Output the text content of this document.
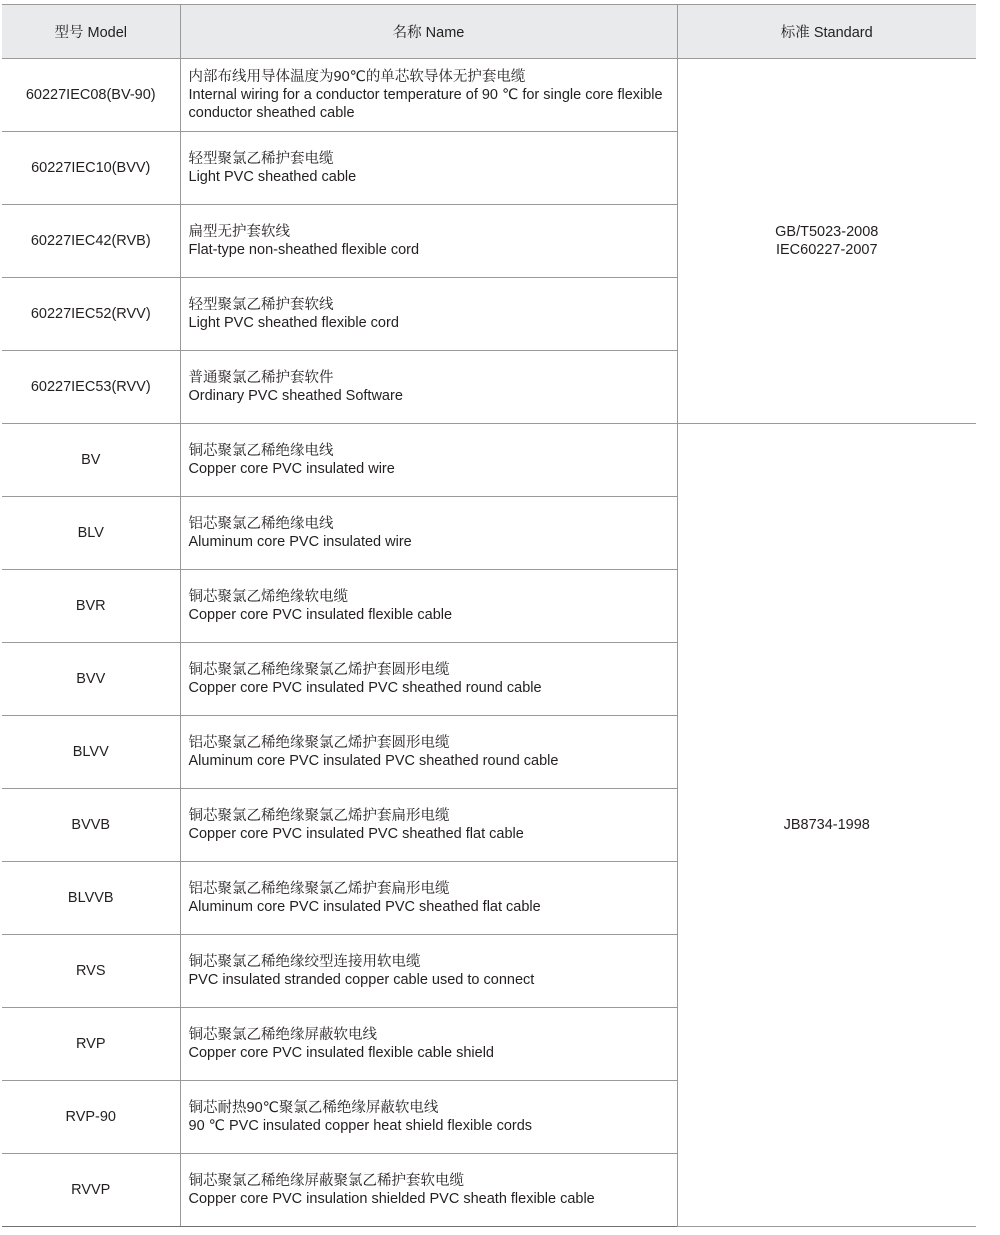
型号 Model	名称 Name	标准 Standard
60227IEC08(BV-90)	内部布线用导体温度为90℃的单芯软导体无护套电缆
Internal wiring for a conductor temperature of 90 ℃ for single core flexible conductor sheathed cable	GB/T5023-2008
IEC60227-2007

60227IEC10(BVV)	轻型聚氯乙稀护套电缆
Light PVC sheathed cable	

60227IEC42(RVB)	扁型无护套软线
Flat-type non-sheathed flexible cord	

60227IEC52(RVV)	轻型聚氯乙稀护套软线
Light PVC sheathed flexible cord	

60227IEC53(RVV)	普通聚氯乙稀护套软件
Ordinary PVC sheathed Software	

BV	铜芯聚氯乙稀绝缘电线
Copper core PVC insulated wire	JB8734-1998

BLV	铝芯聚氯乙稀绝缘电线
Aluminum core PVC insulated wire	

BVR	铜芯聚氯乙烯绝缘软电缆
Copper core PVC insulated flexible cable	

BVV	铜芯聚氯乙稀绝缘聚氯乙烯护套圆形电缆
Copper core PVC insulated PVC sheathed round cable	

BLVV	铝芯聚氯乙稀绝缘聚氯乙烯护套圆形电缆
Aluminum core PVC insulated PVC sheathed round cable	

BVVB	铜芯聚氯乙稀绝缘聚氯乙烯护套扁形电缆
Copper core PVC insulated PVC sheathed flat cable	

BLVVB	铝芯聚氯乙稀绝缘聚氯乙烯护套扁形电缆
Aluminum core PVC insulated PVC sheathed flat cable	

RVS	铜芯聚氯乙稀绝缘绞型连接用软电缆
PVC insulated stranded copper cable used to connect	

RVP	铜芯聚氯乙稀绝缘屏蔽软电线
Copper core PVC insulated flexible cable shield	

RVP-90	铜芯耐热90℃聚氯乙稀绝缘屏蔽软电线
90 ℃ PVC insulated copper heat shield flexible cords	

RVVP	铜芯聚氯乙稀绝缘屏蔽聚氯乙稀护套软电缆
Copper core PVC insulation shielded PVC sheath flexible cable	
